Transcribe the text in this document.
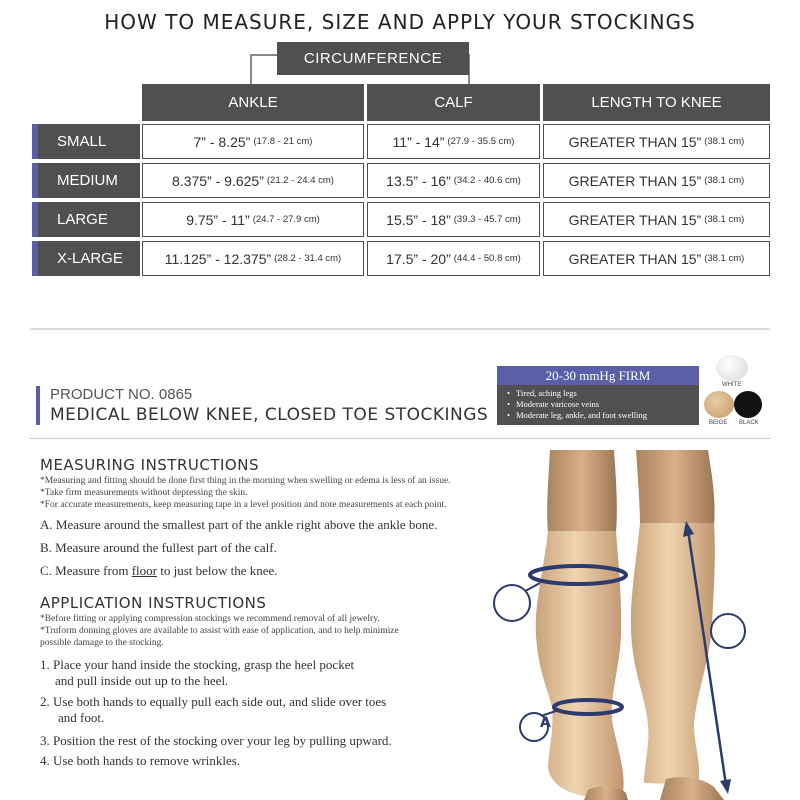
HOW TO MEASURE, SIZE AND APPLY YOUR STOCKINGS
CIRCUMFERENCE
ANKLE	CALF	LENGTH TO KNEE
SMALL	7” - 8.25” (17.8 - 21 cm)	11” - 14” (27.9 - 35.5 cm)	GREATER THAN 15” (38.1 cm)
MEDIUM	8.375” - 9.625” (21.2 - 24.4 cm)	13.5” - 16” (34.2 - 40.6 cm)	GREATER THAN 15” (38.1 cm)
LARGE	9.75” - 11” (24.7 - 27.9 cm)	15.5” - 18” (39.3 - 45.7 cm)	GREATER THAN 15” (38.1 cm)
X-LARGE	11.125” - 12.375” (28.2 - 31.4 cm)	17.5” - 20” (44.4 - 50.8 cm)	GREATER THAN 15” (38.1 cm)
PRODUCT NO. 0865
MEDICAL BELOW KNEE, CLOSED TOE STOCKINGS
20-30 mmHg FIRM
• Tired, aching legs
• Moderate varicose veins
• Moderate leg, ankle, and foot swelling
WHITE
BEIGE BLACK
MEASURING INSTRUCTIONS
*Measuring and fitting should be done first thing in the morning when swelling or edema is less of an issue.
*Take firm measurements without depressing the skin.
*For accurate measurements, keep measuring tape in a level position and note measurements at each point.
A. Measure around the smallest part of the ankle right above the ankle bone.
B. Measure around the fullest part of the calf.
C. Measure from floor to just below the knee.
APPLICATION INSTRUCTIONS
*Before fitting or applying compression stockings we recommend removal of all jewelry.
*Truform donning gloves are available to assist with ease of application, and to help minimize
possible damage to the stocking.
1. Place your hand inside the stocking, grasp the heel pocket
and pull inside out up to the heel.
2. Use both hands to equally pull each side out, and slide over toes
and foot.
3. Position the rest of the stocking over your leg by pulling upward.
4. Use both hands to remove wrinkles.
A
